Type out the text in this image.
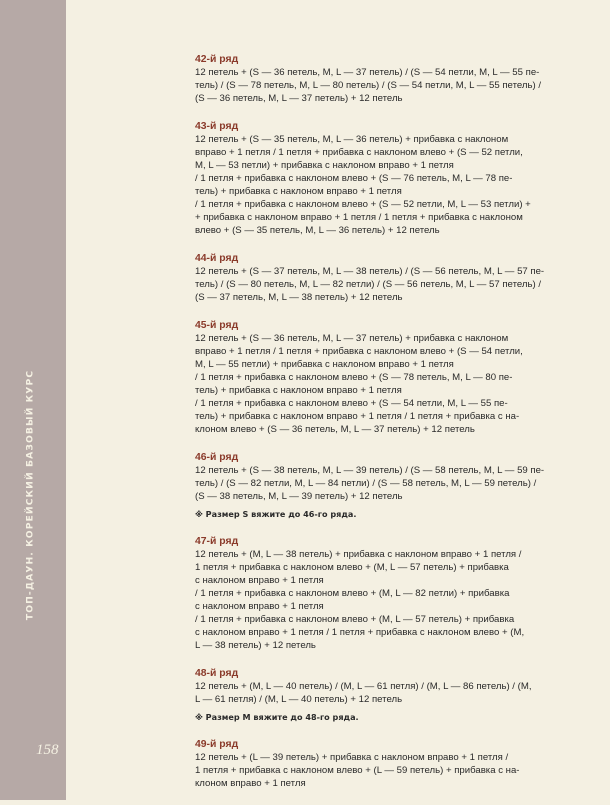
ТОП-ДАУН. КОРЕЙСКИЙ БАЗОВЫЙ КУРС
158
42-й ряд
12 петель + (S — 36 петель, M, L — 37 петель) / (S — 54 петли, M, L — 55 пе-
тель) / (S — 78 петель, M, L — 80 петель) / (S — 54 петли, M, L — 55 петель) /
(S — 36 петель, M, L — 37 петель) + 12 петель
43-й ряд
12 петель + (S — 35 петель, M, L — 36 петель) + прибавка с наклоном
вправо + 1 петля / 1 петля + прибавка с наклоном влево + (S — 52 петли,
M, L — 53 петли) + прибавка с наклоном вправо + 1 петля
/ 1 петля + прибавка с наклоном влево + (S — 76 петель, M, L — 78 пе-
тель) + прибавка с наклоном вправо + 1 петля
/ 1 петля + прибавка с наклоном влево + (S — 52 петли, M, L — 53 петли) +
+ прибавка с наклоном вправо + 1 петля / 1 петля + прибавка с наклоном
влево + (S — 35 петель, M, L — 36 петель) + 12 петель
44-й ряд
12 петель + (S — 37 петель, M, L — 38 петель) / (S — 56 петель, M, L — 57 пе-
тель) / (S — 80 петель, M, L — 82 петли) / (S — 56 петель, M, L — 57 петель) /
(S — 37 петель, M, L — 38 петель) + 12 петель
45-й ряд
12 петель + (S — 36 петель, M, L — 37 петель) + прибавка с наклоном
вправо + 1 петля / 1 петля + прибавка с наклоном влево + (S — 54 петли,
M, L — 55 петли) + прибавка с наклоном вправо + 1 петля
/ 1 петля + прибавка с наклоном влево + (S — 78 петель, M, L — 80 пе-
тель) + прибавка с наклоном вправо + 1 петля
/ 1 петля + прибавка с наклоном влево + (S — 54 петли, M, L — 55 пе-
тель) + прибавка с наклоном вправо + 1 петля / 1 петля + прибавка с на-
клоном влево + (S — 36 петель, M, L — 37 петель) + 12 петель
46-й ряд
12 петель + (S — 38 петель, M, L — 39 петель) / (S — 58 петель, M, L — 59 пе-
тель) / (S — 82 петли, M, L — 84 петли) / (S — 58 петель, M, L — 59 петель) /
(S — 38 петель, M, L — 39 петель) + 12 петель
※ Размер S вяжите до 46-го ряда.
47-й ряд
12 петель + (M, L — 38 петель) + прибавка с наклоном вправо + 1 петля /
1 петля + прибавка с наклоном влево + (M, L — 57 петель) + прибавка
с наклоном вправо + 1 петля
/ 1 петля + прибавка с наклоном влево + (M, L — 82 петли) + прибавка
с наклоном вправо + 1 петля
/ 1 петля + прибавка с наклоном влево + (M, L — 57 петель) + прибавка
с наклоном вправо + 1 петля / 1 петля + прибавка с наклоном влево + (M,
L — 38 петель) + 12 петель
48-й ряд
12 петель + (M, L — 40 петель) / (M, L — 61 петля) / (M, L — 86 петель) / (M,
L — 61 петля) / (M, L — 40 петель) + 12 петель
※ Размер M вяжите до 48-го ряда.
49-й ряд
12 петель + (L — 39 петель) + прибавка с наклоном вправо + 1 петля /
1 петля + прибавка с наклоном влево + (L — 59 петель) + прибавка с на-
клоном вправо + 1 петля
